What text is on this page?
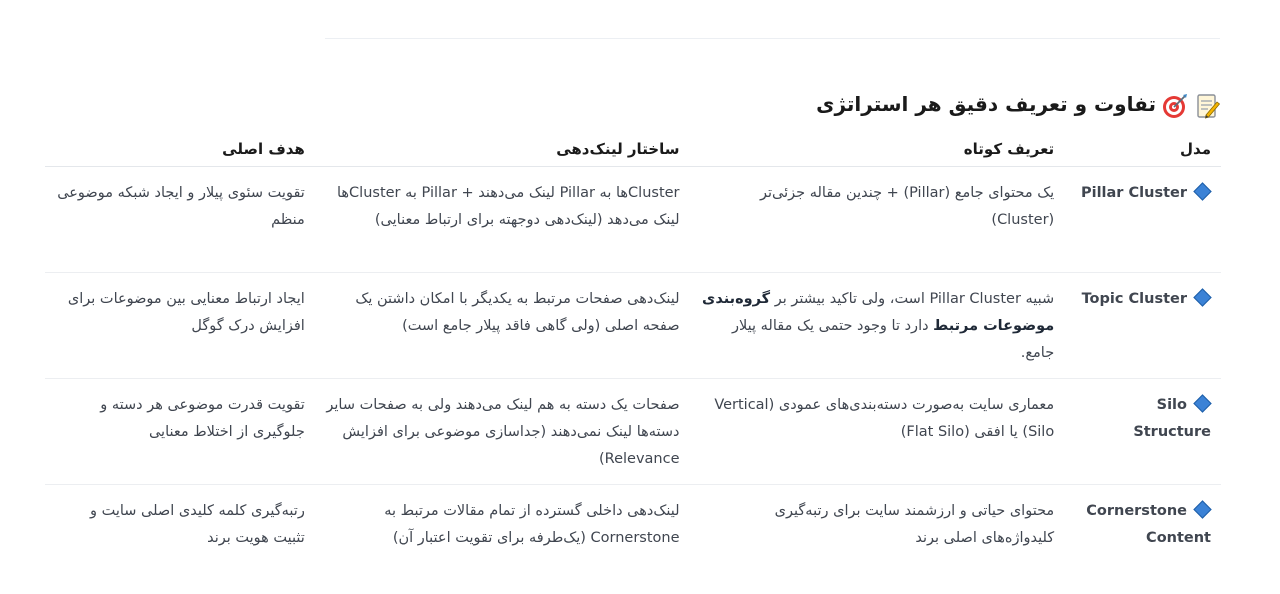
تفاوت و تعریف دقیق هر استراتژی
مدل	تعریف کوتاه	ساختار لینک‌دهی	هدف اصلی
Pillar Cluster	یک محتوای جامع (Pillar) + چندین مقاله جزئی‌تر (Cluster)	Clusterها به Pillar لینک می‌دهند + Pillar به Clusterها لینک می‌دهد (لینک‌دهی دوجهته برای ارتباط معنایی)	تقویت سئوی پیلار و ایجاد شبکه موضوعی منظم
Topic Cluster	شبیه Pillar Cluster است، ولی تاکید بیشتر بر گروه‌بندی موضوعات مرتبط دارد تا وجود حتمی یک مقاله پیلار جامع.	لینک‌دهی صفحات مرتبط به یکدیگر با امکان داشتن یک صفحه اصلی (ولی گاهی فاقد پیلار جامع است)	ایجاد ارتباط معنایی بین موضوعات برای افزایش درک گوگل
Silo Structure	معماری سایت به‌صورت دسته‌بندی‌های عمودی (Vertical Silo) یا افقی (Flat Silo)	صفحات یک دسته به هم لینک می‌دهند ولی به صفحات سایر دسته‌ها لینک نمی‌دهند (جداسازی موضوعی برای افزایش Relevance)	تقویت قدرت موضوعی هر دسته و جلوگیری از اختلاط معنایی
Cornerstone Content	محتوای حیاتی و ارزشمند سایت برای رتبه‌گیری کلیدواژه‌های اصلی برند	لینک‌دهی داخلی گسترده از تمام مقالات مرتبط به Cornerstone (یک‌طرفه برای تقویت اعتبار آن)	رتبه‌گیری کلمه کلیدی اصلی سایت و تثبیت هویت برند
